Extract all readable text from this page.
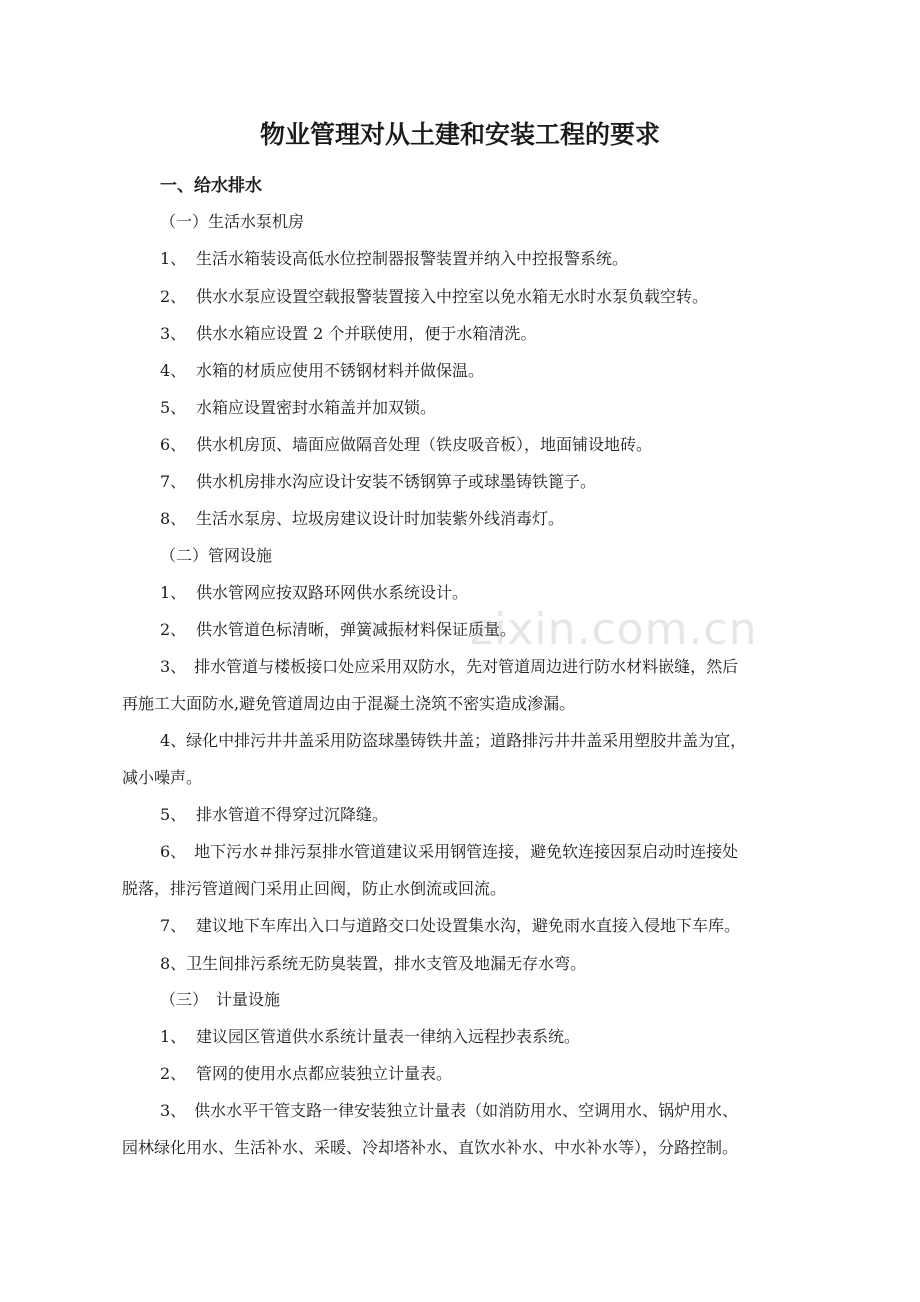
zixin.com.cn
物业管理对从土建和安装工程的要求
一、给水排水
（一）生活水泵机房
1、 生活水箱装设高低水位控制器报警装置并纳入中控报警系统。
2、 供水水泵应设置空载报警装置接入中控室以免水箱无水时水泵负载空转。
3、 供水水箱应设置 2 个并联使用，便于水箱清洗。
4、 水箱的材质应使用不锈钢材料并做保温。
5、 水箱应设置密封水箱盖并加双锁。
6、 供水机房顶、墙面应做隔音处理（铁皮吸音板），地面铺设地砖。
7、 供水机房排水沟应设计安装不锈钢箅子或球墨铸铁篦子。
8、 生活水泵房、垃圾房建议设计时加装紫外线消毒灯。
（二）管网设施
1、 供水管网应按双路环网供水系统设计。
2、 供水管道色标清晰，弹簧减振材料保证质量。
3、　排水管道与楼板接口处应采用双防水，先对管道周边进行防水材料嵌缝，然后
再施工大面防水,避免管道周边由于混凝土浇筑不密实造成渗漏。
4、绿化中排污井井盖采用防盗球墨铸铁井盖；道路排污井井盖采用塑胶井盖为宜，
减小噪声。
5、 排水管道不得穿过沉降缝。
6、　地下污水＃排污泵排水管道建议采用钢管连接，避免软连接因泵启动时连接处
脱落，排污管道阀门采用止回阀，防止水倒流或回流。
7、 建议地下车库出入口与道路交口处设置集水沟，避免雨水直接入侵地下车库。
8、卫生间排污系统无防臭装置，排水支管及地漏无存水弯。
（三）　计量设施
1、 建议园区管道供水系统计量表一律纳入远程抄表系统。
2、 管网的使用水点都应装独立计量表。
3、　供水水平干管支路一律安装独立计量表（如消防用水、空调用水、锅炉用水、
园林绿化用水、生活补水、采暖、冷却塔补水、直饮水补水、中水补水等），分路控制。
